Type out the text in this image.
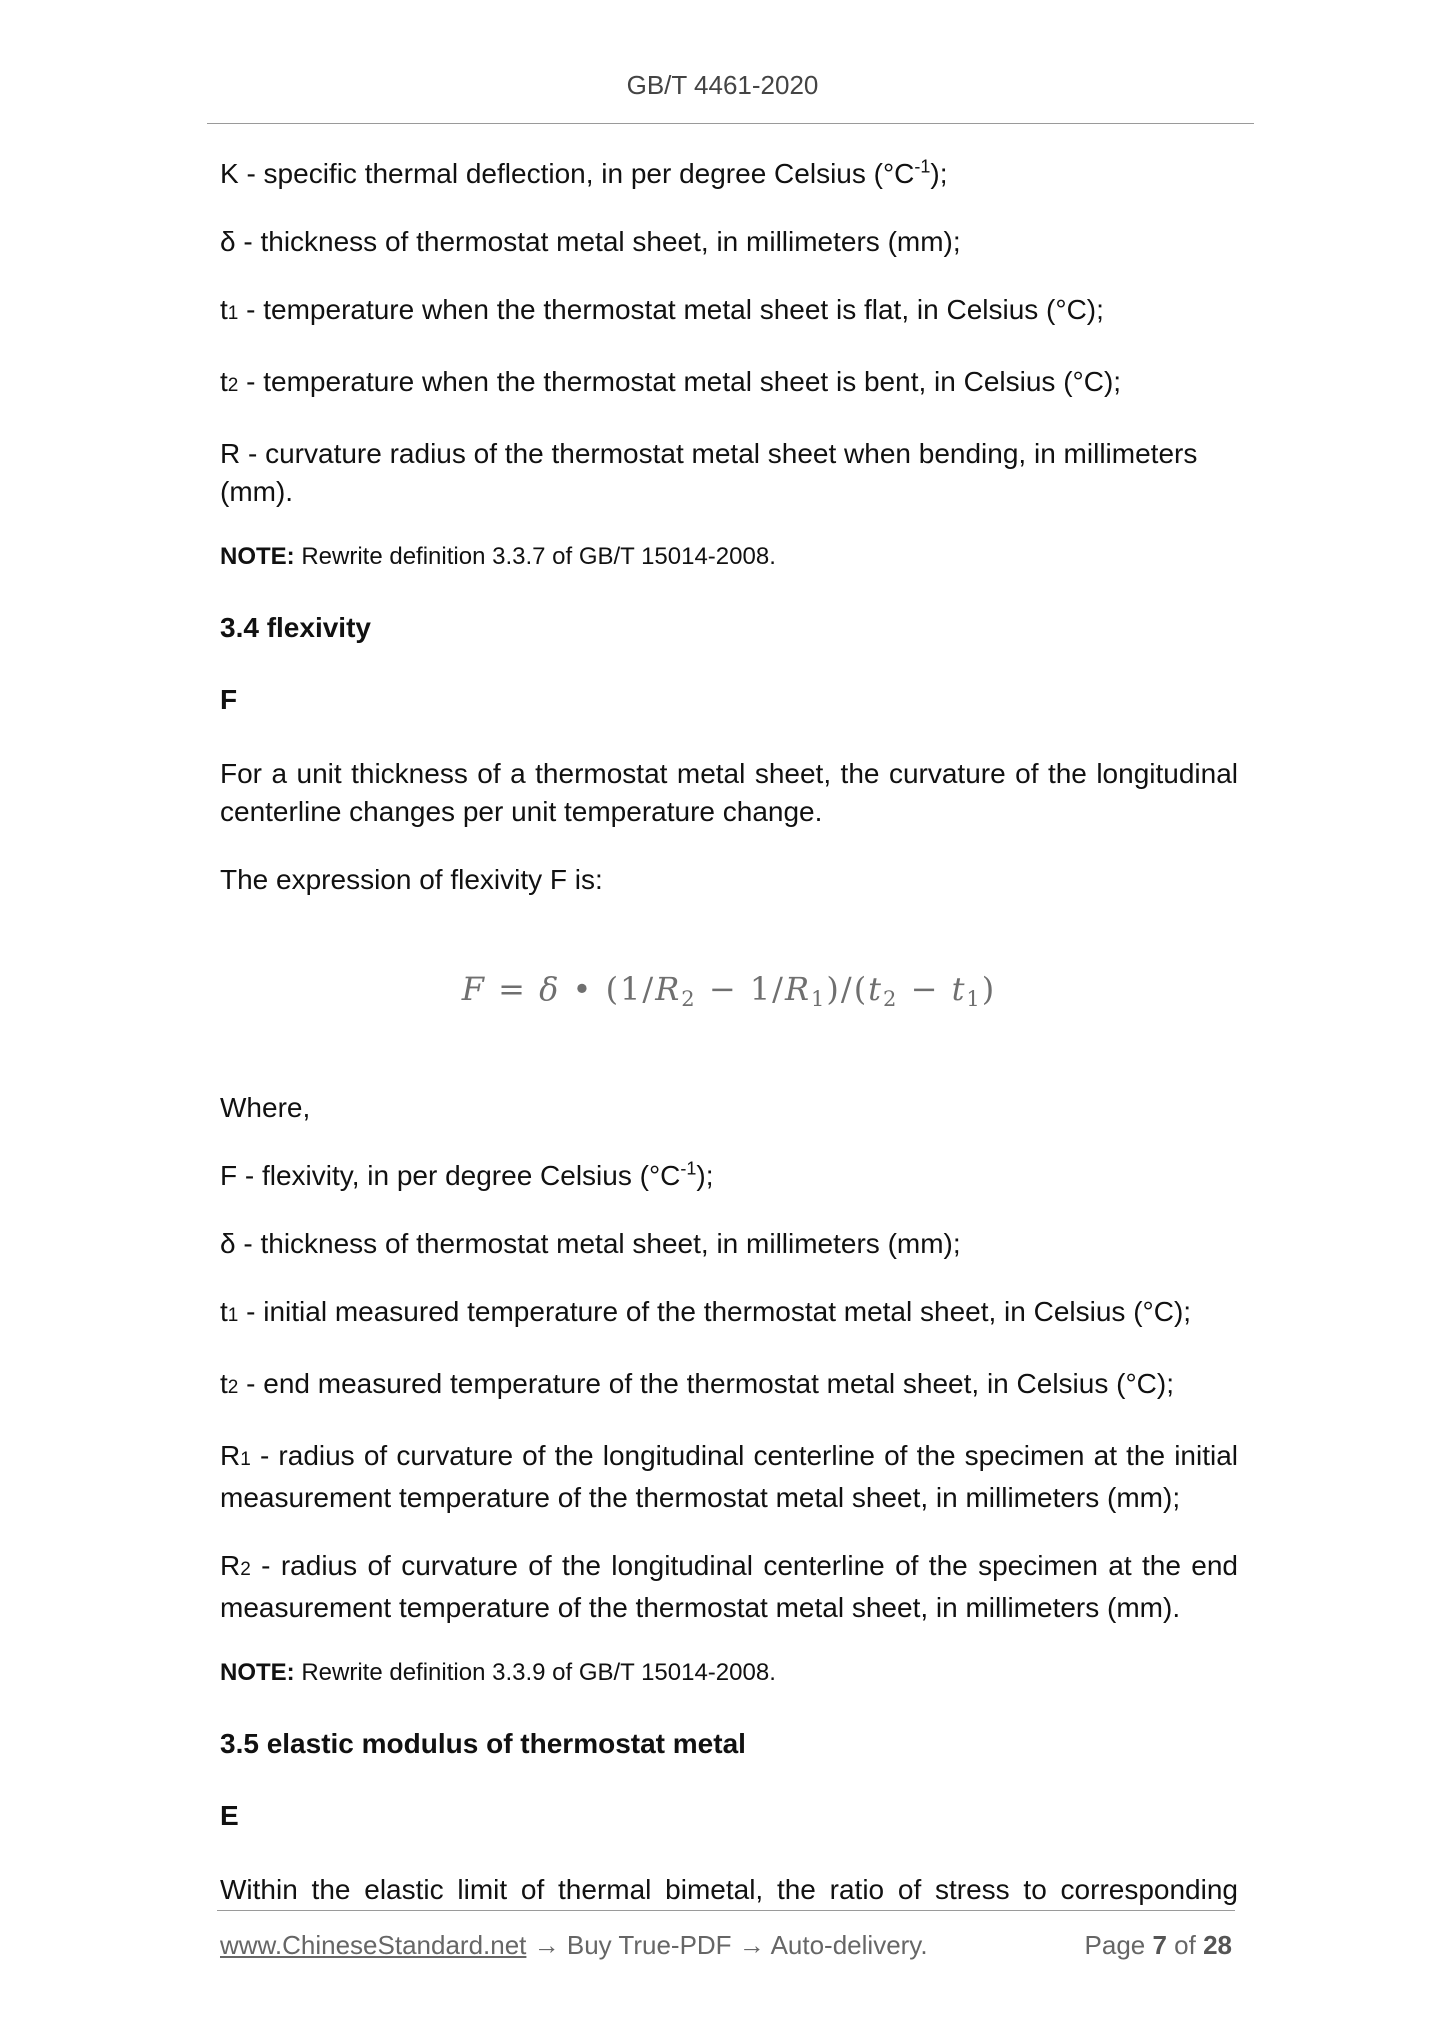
GB/T 4461-2020

K - specific thermal deflection, in per degree Celsius $(^\circ C^{-1})$;

δ - thickness of thermostat metal sheet, in millimeters (mm);

t1 - temperature when the thermostat metal sheet is flat, in Celsius (°C);

t2 - temperature when the thermostat metal sheet is bent, in Celsius (°C);

R - curvature radius of the thermostat metal sheet when bending, in millimeters (mm).

NOTE: Rewrite definition 3.3.7 of GB/T 15014-2008.

3.4 flexivity

F

For a unit thickness of a thermostat metal sheet, the curvature of the longitudinal centerline changes per unit temperature change.

The expression of flexivity F is:

F = δ • (1/R2 − 1/R1)/(t2 − t1)

Where,

F - flexivity, in per degree Celsius $(^\circ C^{-1})$;

δ - thickness of thermostat metal sheet, in millimeters (mm);

t1 - initial measured temperature of the thermostat metal sheet, in Celsius (°C);

t2 - end measured temperature of the thermostat metal sheet, in Celsius (°C);

R1 - radius of curvature of the longitudinal centerline of the specimen at the initial measurement temperature of the thermostat metal sheet, in millimeters (mm);

R2 - radius of curvature of the longitudinal centerline of the specimen at the end measurement temperature of the thermostat metal sheet, in millimeters (mm).

NOTE: Rewrite definition 3.3.9 of GB/T 15014-2008.

3.5 elastic modulus of thermostat metal

E

Within the elastic limit of thermal bimetal, the ratio of stress to corresponding

www.ChineseStandard.net → Buy True-PDF → Auto-delivery.	Page 7 of 28
